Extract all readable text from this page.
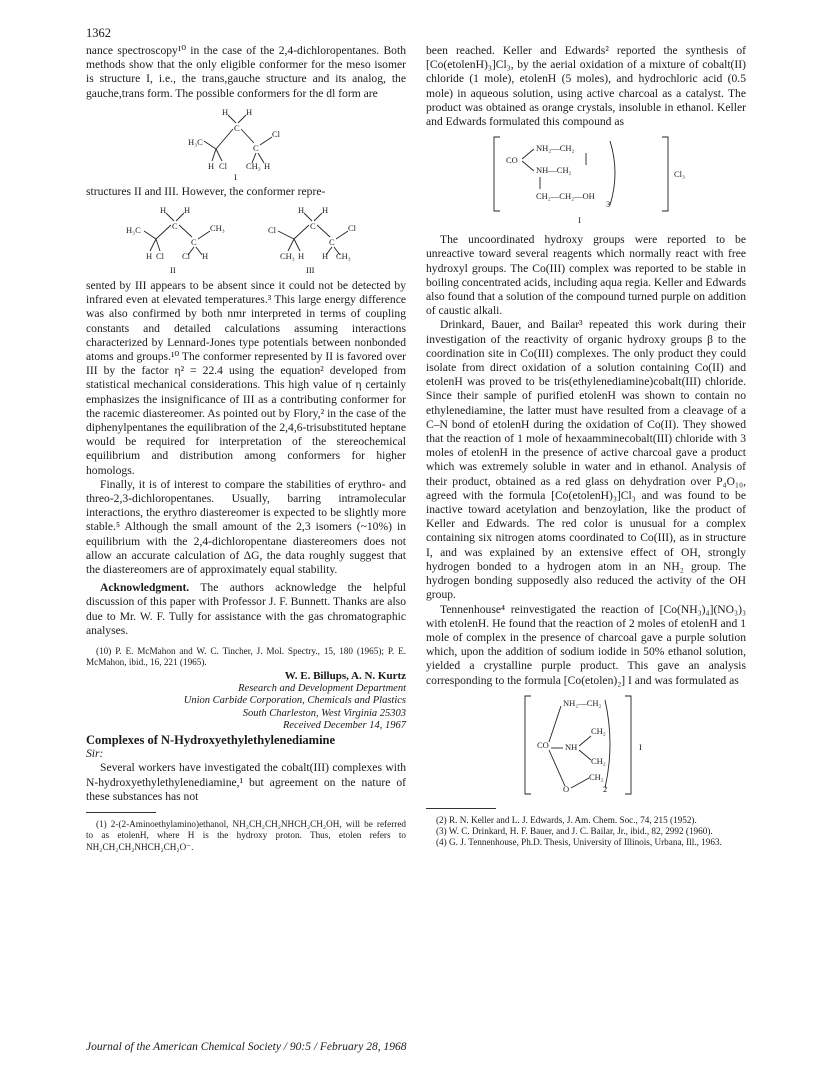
1362

nance spectroscopy¹⁰ in the case of the 2,4-dichloropentanes. Both methods show that the only eligible conformer for the meso isomer is structure I, i.e., the trans,gauche structure and its analog, the gauche,trans form. The possible conformers for the dl form are

H H
C
H₃C
C
Cl
H Cl CH₃ H
I

structures II and III. However, the conformer repre-

H H
C
H₃C
C
CH₃
H Cl Cl H
II
H H
C
Cl
C
Cl
CH₃ H H CH₃
III

sented by III appears to be absent since it could not be detected by infrared even at elevated temperatures.³ This large energy difference was also confirmed by both nmr interpreted in terms of coupling constants and detailed calculations assuming interactions characterized by Lennard-Jones type potentials between nonbonded atoms and groups.¹⁰ The conformer represented by II is favored over III by the factor η² = 22.4 using the equation² developed from statistical mechanical considerations. This high value of η certainly emphasizes the insignificance of III as a contributing conformer for the racemic diastereomer. As pointed out by Flory,² in the case of the diphenylpentanes the equilibration of the 2,4,6-trisubstituted heptane would be required for interpretation of the stereochemical equilibrium and distribution among conformers for higher homologs.

Finally, it is of interest to compare the stabilities of erythro- and threo-2,3-dichloropentanes. Usually, barring intramolecular interactions, the erythro diastereomer is expected to be slightly more stable.⁵ Although the small amount of the 2,3 isomers (~10%) in equilibrium with the 2,4-dichloropentane diastereomers does not allow an accurate calculation of ΔG, the data roughly suggest that the diastereomers are of approximately equal stability.

Acknowledgment. The authors acknowledge the helpful discussion of this paper with Professor J. F. Bunnett. Thanks are also due to Mr. W. F. Tully for assistance with the gas chromatographic analyses.

(10) P. E. McMahon and W. C. Tincher, J. Mol. Spectry., 15, 180 (1965); P. E. McMahon, ibid., 16, 221 (1965).

W. E. Billups, A. N. Kurtz

Research and Development Department

Union Carbide Corporation, Chemicals and Plastics

South Charleston, West Virginia 25303

Received December 14, 1967

Complexes of N-Hydroxyethylethylenediamine

Sir:

Several workers have investigated the cobalt(III) complexes with N-hydroxyethylethylenediamine,¹ but agreement on the nature of these substances has not

(1) 2-(2-Aminoethylamino)ethanol, NH₂CH₂CH₂NHCH₂CH₂OH, will be referred to as etolenH, where H is the hydroxy proton. Thus, etolen refers to NH₂CH₂CH₂NHCH₂CH₂O⁻.

been reached. Keller and Edwards² reported the synthesis of [Co(etolenH)₃]Cl₃, by the aerial oxidation of a mixture of cobalt(II) chloride (1 mole), etolenH (5 moles), and hydrochloric acid (0.5 mole) in aqueous solution, using active charcoal as a catalyst. The product was obtained as orange crystals, insoluble in ethanol. Keller and Edwards formulated this compound as

CO
NH₂—CH₂
NH—CH₂
CH₂—CH₂—OH
3
Cl₃
I

The uncoordinated hydroxy groups were reported to be unreactive toward several reagents which normally react with free hydroxyl groups. The Co(III) complex was reported to be stable in boiling concentrated acids, including aqua regia. Keller and Edwards also found that a solution of the compound turned purple on addition of caustic alkali.

Drinkard, Bauer, and Bailar³ repeated this work during their investigation of the reactivity of organic hydroxy groups β to the coordination site in Co(III) complexes. The only product they could isolate from direct oxidation of a solution containing Co(II) and etolenH was proved to be tris(ethylenediamine)cobalt(III) chloride. Since their sample of purified etolenH was shown to contain no ethylenediamine, the latter must have resulted from a cleavage of a C–N bond of etolenH during the oxidation of Co(II). They showed that the reaction of 1 mole of hexaamminecobalt(III) chloride with 3 moles of etolenH in the presence of active charcoal gave a product which was extremely soluble in water and in ethanol. Analysis of their product, obtained as a red glass on dehydration over P₄O₁₀, agreed with the formula [Co(etolenH)₃]Cl₃ and was found to be inactive toward acetylation and benzoylation, like the product of Keller and Edwards. The red color is unusual for a complex containing six nitrogen atoms coordinated to Co(III), as in structure I, and was explained by an extensive effect of OH, strongly hydrogen bonded to a hydrogen atom in an NH₂ group. The hydrogen bonding supposedly also reduced the activity of the OH group.

Tennenhouse⁴ reinvestigated the reaction of [Co(NH₃)₄](NO₃)₃ with etolenH. He found that the reaction of 2 moles of etolenH and 1 mole of complex in the presence of charcoal gave a purple solution which, upon the addition of sodium iodide in 50% ethanol solution, yielded a crystalline purple product. This gave an analysis corresponding to the formula [Co(etolen)₂] I and was formulated as

CO
NH₂—CH₂
NH
CH₂
CH₂
O
CH₂
2
I

(2) R. N. Keller and L. J. Edwards, J. Am. Chem. Soc., 74, 215 (1952).

(3) W. C. Drinkard, H. F. Bauer, and J. C. Bailar, Jr., ibid., 82, 2992 (1960).

(4) G. J. Tennenhouse, Ph.D. Thesis, University of Illinois, Urbana, Ill., 1963.

Journal of the American Chemical Society / 90:5 / February 28, 1968
